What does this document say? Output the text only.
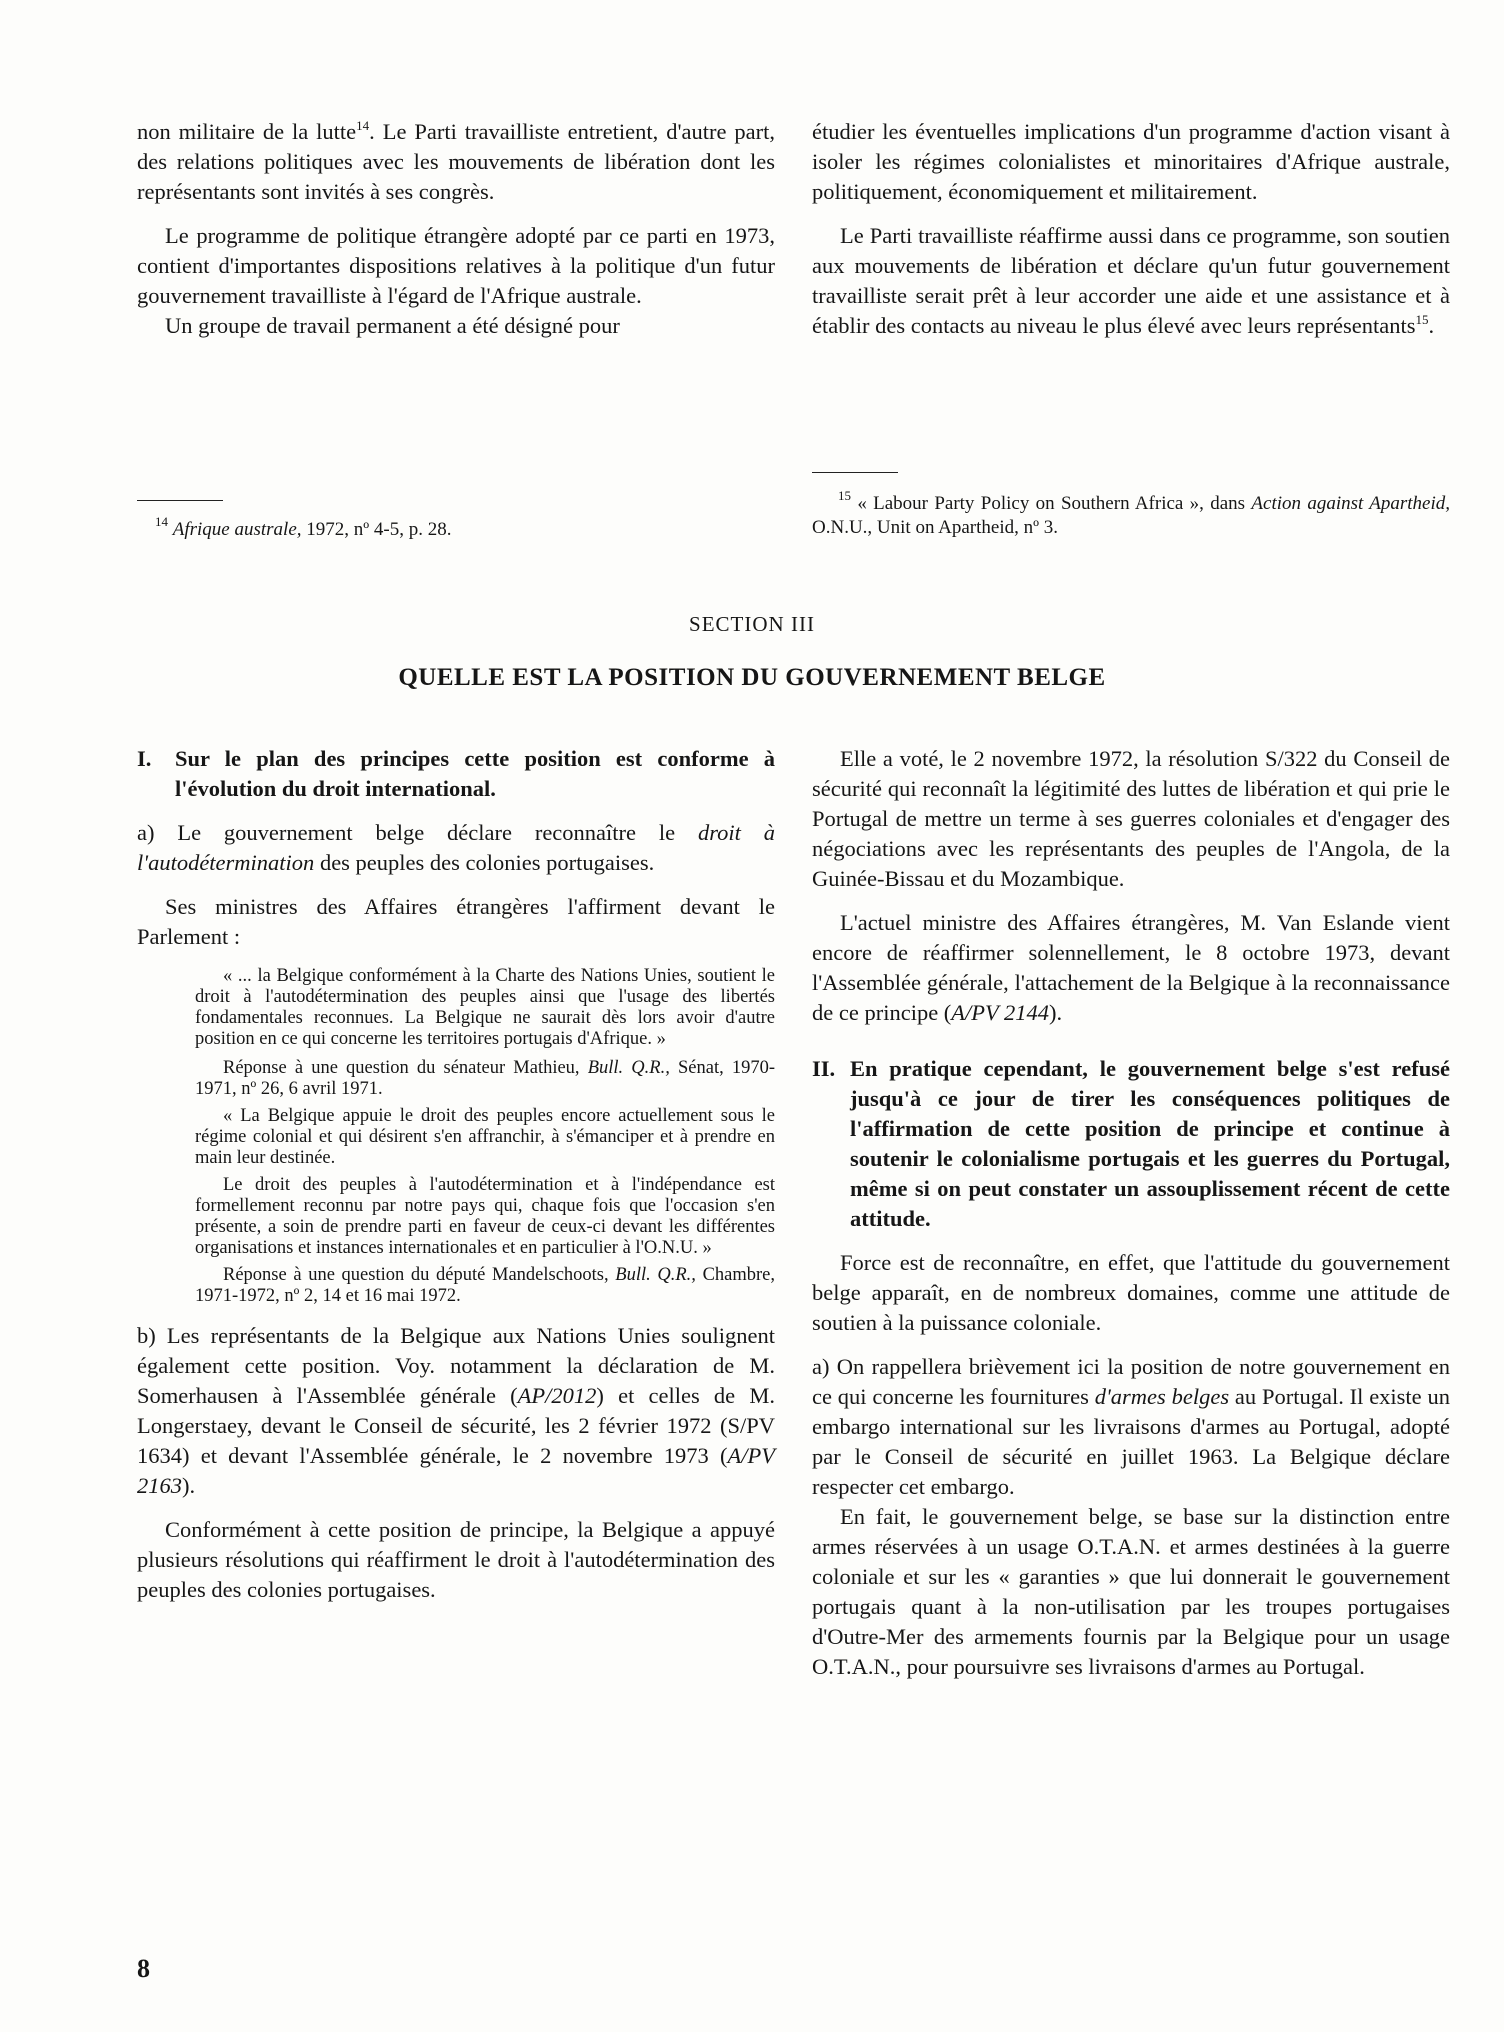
non militaire de la lutte$^{14}$. Le Parti travailliste entretient, d'autre part, des relations politiques avec les mouvements de libération dont les représentants sont invités à ses congrès.

Le programme de politique étrangère adopté par ce parti en 1973, contient d'importantes dispositions relatives à la politique d'un futur gouvernement travailliste à l'égard de l'Afrique australe.

Un groupe de travail permanent a été désigné pour

étudier les éventuelles implications d'un programme d'action visant à isoler les régimes colonialistes et minoritaires d'Afrique australe, politiquement, économiquement et militairement.

Le Parti travailliste réaffirme aussi dans ce programme, son soutien aux mouvements de libération et déclare qu'un futur gouvernement travailliste serait prêt à leur accorder une aide et une assistance et à établir des contacts au niveau le plus élevé avec leurs représentants$^{15}$.

$^{14}$ Afrique australe, 1972, nº 4-5, p. 28.

$^{15}$ « Labour Party Policy on Southern Africa », dans Action against Apartheid, O.N.U., Unit on Apartheid, nº 3.

SECTION III
QUELLE EST LA POSITION DU GOUVERNEMENT BELGE

I. Sur le plan des principes cette position est conforme à l'évolution du droit international.

a) Le gouvernement belge déclare reconnaître le droit à l'autodétermination des peuples des colonies portugaises.

Ses ministres des Affaires étrangères l'affirment devant le Parlement :

« ... la Belgique conformément à la Charte des Nations Unies, soutient le droit à l'autodétermination des peuples ainsi que l'usage des libertés fondamentales reconnues. La Belgique ne saurait dès lors avoir d'autre position en ce qui concerne les territoires portugais d'Afrique. »

Réponse à une question du sénateur Mathieu, Bull. Q.R., Sénat, 1970-1971, nº 26, 6 avril 1971.

« La Belgique appuie le droit des peuples encore actuellement sous le régime colonial et qui désirent s'en affranchir, à s'émanciper et à prendre en main leur destinée.

Le droit des peuples à l'autodétermination et à l'indépendance est formellement reconnu par notre pays qui, chaque fois que l'occasion s'en présente, a soin de prendre parti en faveur de ceux-ci devant les différentes organisations et instances internationales et en particulier à l'O.N.U. »

Réponse à une question du député Mandelschoots, Bull. Q.R., Chambre, 1971-1972, nº 2, 14 et 16 mai 1972.

b) Les représentants de la Belgique aux Nations Unies soulignent également cette position. Voy. notamment la déclaration de M. Somerhausen à l'Assemblée générale (AP/2012) et celles de M. Longerstaey, devant le Conseil de sécurité, les 2 février 1972 (S/PV 1634) et devant l'Assemblée générale, le 2 novembre 1973 (A/PV 2163).

Conformément à cette position de principe, la Belgique a appuyé plusieurs résolutions qui réaffirment le droit à l'autodétermination des peuples des colonies portugaises.

Elle a voté, le 2 novembre 1972, la résolution S/322 du Conseil de sécurité qui reconnaît la légitimité des luttes de libération et qui prie le Portugal de mettre un terme à ses guerres coloniales et d'engager des négociations avec les représentants des peuples de l'Angola, de la Guinée-Bissau et du Mozambique.

L'actuel ministre des Affaires étrangères, M. Van Eslande vient encore de réaffirmer solennellement, le 8 octobre 1973, devant l'Assemblée générale, l'attachement de la Belgique à la reconnaissance de ce principe (A/PV 2144).

II. En pratique cependant, le gouvernement belge s'est refusé jusqu'à ce jour de tirer les conséquences politiques de l'affirmation de cette position de principe et continue à soutenir le colonialisme portugais et les guerres du Portugal, même si on peut constater un assouplissement récent de cette attitude.

Force est de reconnaître, en effet, que l'attitude du gouvernement belge apparaît, en de nombreux domaines, comme une attitude de soutien à la puissance coloniale.

a) On rappellera brièvement ici la position de notre gouvernement en ce qui concerne les fournitures d'armes belges au Portugal. Il existe un embargo international sur les livraisons d'armes au Portugal, adopté par le Conseil de sécurité en juillet 1963. La Belgique déclare respecter cet embargo.

En fait, le gouvernement belge, se base sur la distinction entre armes réservées à un usage O.T.A.N. et armes destinées à la guerre coloniale et sur les « garanties » que lui donnerait le gouvernement portugais quant à la non-utilisation par les troupes portugaises d'Outre-Mer des armements fournis par la Belgique pour un usage O.T.A.N., pour poursuivre ses livraisons d'armes au Portugal.

8
